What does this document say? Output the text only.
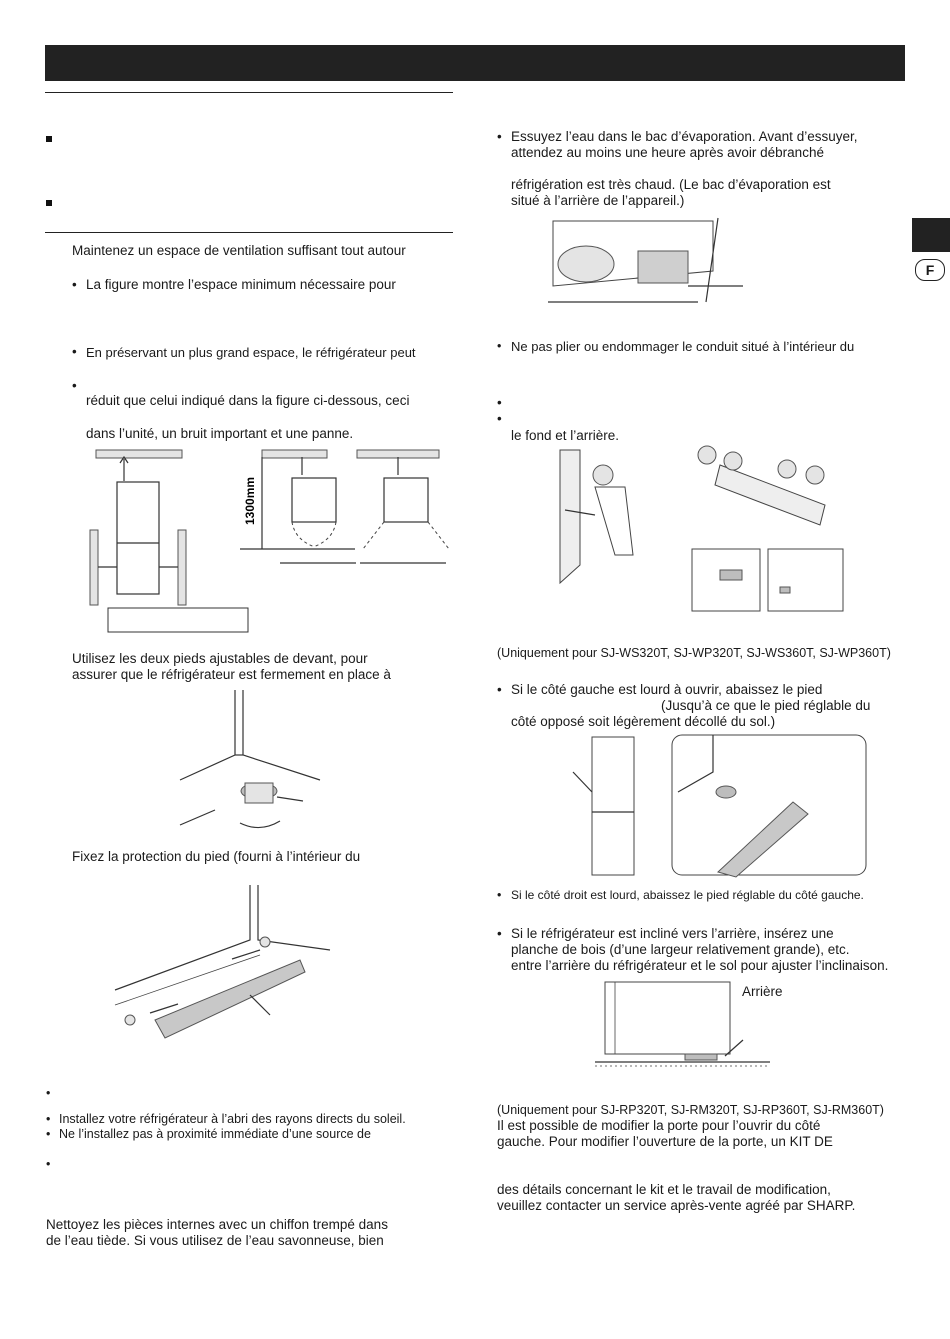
F
Maintenez un espace de ventilation suffisant tout autour
• La figure montre l’espace minimum nécessaire pour
• En préservant un plus grand espace, le réfrigérateur peut
•
réduit que celui indiqué dans la figure ci-dessous, ceci
dans l’unité, un bruit important et une panne.
1300mm
Utilisez les deux pieds ajustables de devant, pour
assurer que le réfrigérateur est fermement en place à
Fixez la protection du pied (fourni à l’intérieur du
•
• Installez votre réfrigérateur à l’abri des rayons directs du soleil.
• Ne l’installez pas à proximité immédiate d’une source de
•
Nettoyez les pièces internes avec un chiffon trempé dans
de l’eau tiède. Si vous utilisez de l’eau savonneuse, bien
• Essuyez l’eau dans le bac d’évaporation. Avant d’essuyer,
attendez au moins une heure après avoir débranché
réfrigération est très chaud. (Le bac d’évaporation est
situé à l’arrière de l’appareil.)
• Ne pas plier ou endommager le conduit situé à l’intérieur du
•
•
le fond et l’arrière.
(Uniquement pour SJ-WS320T, SJ-WP320T, SJ-WS360T, SJ-WP360T)
• Si le côté gauche est lourd à ouvrir, abaissez le pied
(Jusqu’à ce que le pied réglable du
côté opposé soit légèrement décollé du sol.)
• Si le côté droit est lourd, abaissez le pied réglable du côté gauche.
• Si le réfrigérateur est incliné vers l’arrière, insérez une
planche de bois (d’une largeur relativement grande), etc.
entre l’arrière du réfrigérateur et le sol pour ajuster l’inclinaison.
Arrière
(Uniquement pour SJ-RP320T, SJ-RM320T, SJ-RP360T, SJ-RM360T)
Il est possible de modifier la porte pour l’ouvrir du côté
gauche. Pour modifier l’ouverture de la porte, un KIT DE
des détails concernant le kit et le travail de modification,
veuillez contacter un service après-vente agréé par SHARP.
